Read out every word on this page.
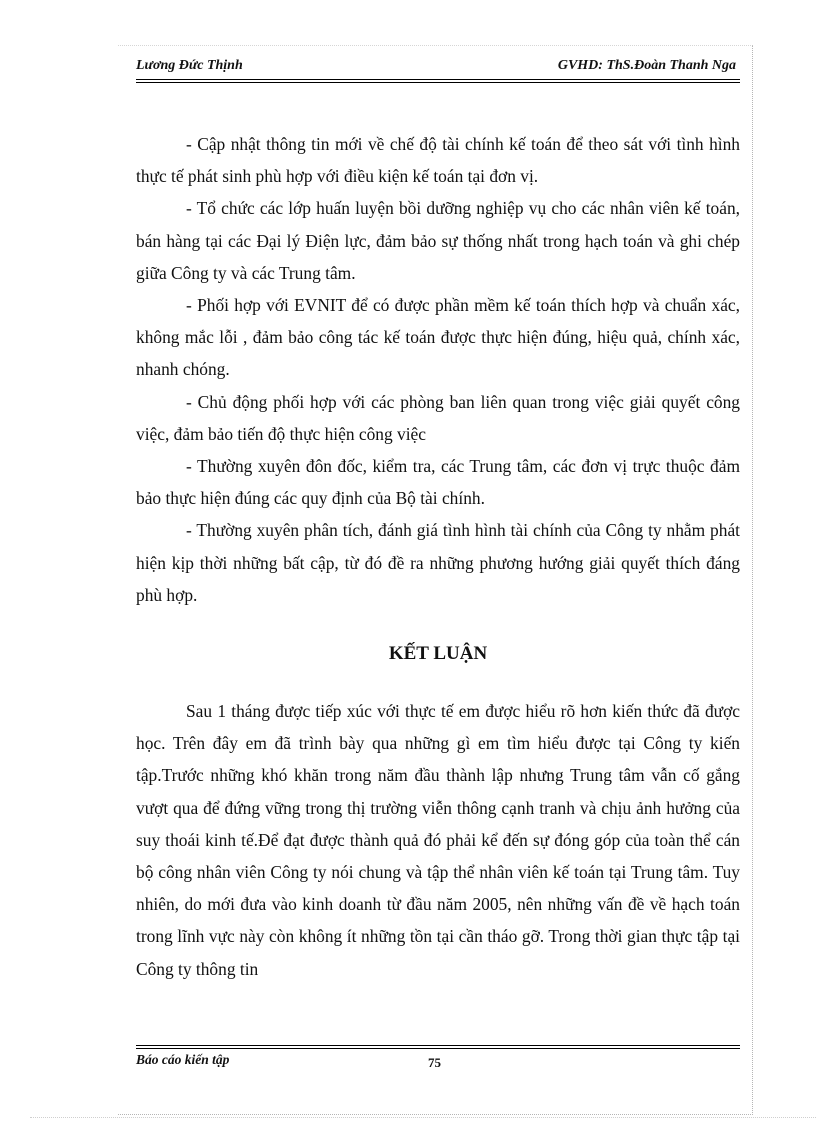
Lương Đức Thịnh	GVHD: ThS.Đoàn Thanh Nga

- Cập nhật thông tin mới về chế độ tài chính kế toán để theo sát với tình hình thực tế phát sinh phù hợp với điều kiện kế toán tại đơn vị.

- Tổ chức các lớp huấn luyện bồi dưỡng nghiệp vụ cho các nhân viên kế toán, bán hàng tại các Đại lý Điện lực, đảm bảo sự thống nhất trong hạch toán và ghi chép giữa Công ty và các Trung tâm.

- Phối hợp với EVNIT để có được phần mềm kế toán thích hợp và chuẩn xác, không mắc lỗi , đảm bảo công tác kế toán được thực hiện đúng, hiệu quả, chính xác, nhanh chóng.

- Chủ động phối hợp với các phòng ban liên quan trong việc giải quyết công việc, đảm bảo tiến độ thực hiện công việc

- Thường xuyên đôn đốc, kiểm tra, các Trung tâm, các đơn vị trực thuộc đảm bảo thực hiện đúng các quy định của Bộ tài chính.

- Thường xuyên phân tích, đánh giá tình hình tài chính của Công ty nhằm phát hiện kịp thời những bất cập, từ đó đề ra những phương hướng giải quyết thích đáng phù hợp.

KẾT LUẬN

Sau 1 tháng được tiếp xúc với thực tế em được hiểu rõ hơn kiến thức đã được học. Trên đây em đã trình bày qua những gì em tìm hiểu được tại Công ty kiến tập.Trước những khó khăn trong năm đầu thành lập nhưng Trung tâm vẫn cố gắng vượt qua để đứng vững trong thị trường viễn thông cạnh tranh và chịu ảnh hưởng của suy thoái kinh tế.Để đạt được thành quả đó phải kể đến sự đóng góp của toàn thể cán bộ công nhân viên Công ty nói chung và tập thể nhân viên kế toán tại Trung tâm. Tuy nhiên, do mới đưa vào kinh doanh từ đầu năm 2005, nên những vấn đề về hạch toán trong lĩnh vực này còn không ít những tồn tại cần tháo gỡ. Trong thời gian thực tập tại Công ty thông tin

Báo cáo kiến tập	75
